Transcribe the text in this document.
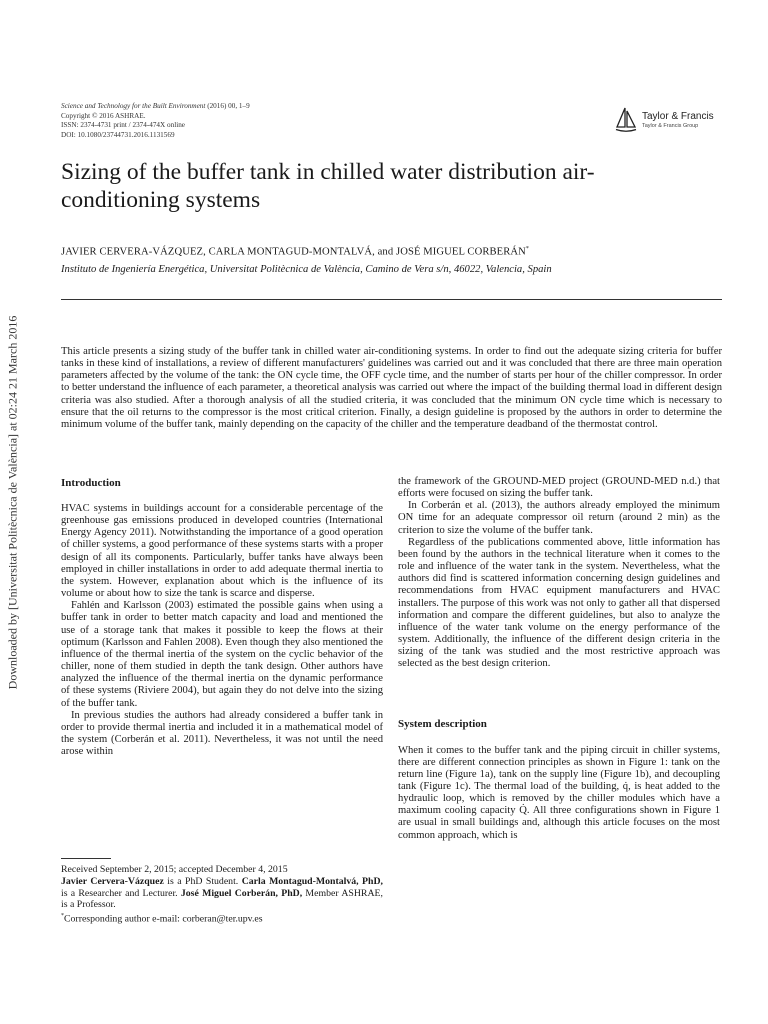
Downloaded by [Universitat Politècnica de València] at 02:24 21 March 2016
Science and Technology for the Built Environment (2016) 00, 1–9
Copyright © 2016 ASHRAE.
ISSN: 2374-4731 print / 2374-474X online
DOI: 10.1080/23744731.2016.1131569
Taylor & Francis
Taylor & Francis Group
Sizing of the buffer tank in chilled water distribution air-conditioning systems
JAVIER CERVERA-VÁZQUEZ, CARLA MONTAGUD-MONTALVÁ, and JOSÉ MIGUEL CORBERÁN*
Instituto de Ingeniería Energética, Universitat Politècnica de València, Camino de Vera s/n, 46022, Valencia, Spain
This article presents a sizing study of the buffer tank in chilled water air-conditioning systems. In order to find out the adequate sizing criteria for buffer tanks in these kind of installations, a review of different manufacturers' guidelines was carried out and it was concluded that there are three main operation parameters affected by the volume of the tank: the ON cycle time, the OFF cycle time, and the number of starts per hour of the chiller compressor. In order to better understand the influence of each parameter, a theoretical analysis was carried out where the impact of the building thermal load in different design criteria was also studied. After a thorough analysis of all the studied criteria, it was concluded that the minimum ON cycle time which is necessary to ensure that the oil returns to the compressor is the most critical criterion. Finally, a design guideline is proposed by the authors in order to determine the minimum volume of the buffer tank, mainly depending on the capacity of the chiller and the temperature deadband of the thermostat control.
Introduction

HVAC systems in buildings account for a considerable percentage of the greenhouse gas emissions produced in developed countries (International Energy Agency 2011). Notwithstanding the importance of a good operation of chiller systems, a good performance of these systems starts with a proper design of all its components. Particularly, buffer tanks have always been employed in chiller installations in order to add adequate thermal inertia to the system. However, explanation about which is the influence of its volume or about how to size the tank is scarce and disperse.

Fahlén and Karlsson (2003) estimated the possible gains when using a buffer tank in order to better match capacity and load and mentioned the use of a storage tank that makes it possible to keep the flows at their optimum (Karlsson and Fahlen 2008). Even though they also mentioned the influence of the thermal inertia of the system on the cyclic behavior of the chiller, none of them studied in depth the tank design. Other authors have analyzed the influence of the thermal inertia on the dynamic performance of these systems (Riviere 2004), but again they do not delve into the sizing of the buffer tank.

In previous studies the authors had already considered a buffer tank in order to provide thermal inertia and included it in a mathematical model of the system (Corberán et al. 2011). Nevertheless, it was not until the need arose within

the framework of the GROUND-MED project (GROUND-MED n.d.) that efforts were focused on sizing the buffer tank.

In Corberán et al. (2013), the authors already employed the minimum ON time for an adequate compressor oil return (around 2 min) as the criterion to size the volume of the buffer tank.

Regardless of the publications commented above, little information has been found by the authors in the technical literature when it comes to the role and influence of the water tank in the system. Nevertheless, what the authors did find is scattered information concerning design guidelines and recommendations from HVAC equipment manufacturers and HVAC installers. The purpose of this work was not only to gather all that dispersed information and compare the different guidelines, but also to analyze the influence of the water tank volume on the energy performance of the system. Additionally, the influence of the different design criteria in the sizing of the tank was studied and the most restrictive approach was selected as the best design criterion.

System description

When it comes to the buffer tank and the piping circuit in chiller systems, there are different connection principles as shown in Figure 1: tank on the return line (Figure 1a), tank on the supply line (Figure 1b), and decoupling tank (Figure 1c). The thermal load of the building, q̇, is heat added to the hydraulic loop, which is removed by the chiller modules which have a maximum cooling capacity Q̇. All three configurations shown in Figure 1 are usual in small buildings and, although this article focuses on the most common approach, which is

Received September 2, 2015; accepted December 4, 2015

Javier Cervera-Vázquez is a PhD Student. Carla Montagud-Montalvá, PhD, is a Researcher and Lecturer. José Miguel Corberán, PhD, Member ASHRAE, is a Professor.

*Corresponding author e-mail: corberan@ter.upv.es
